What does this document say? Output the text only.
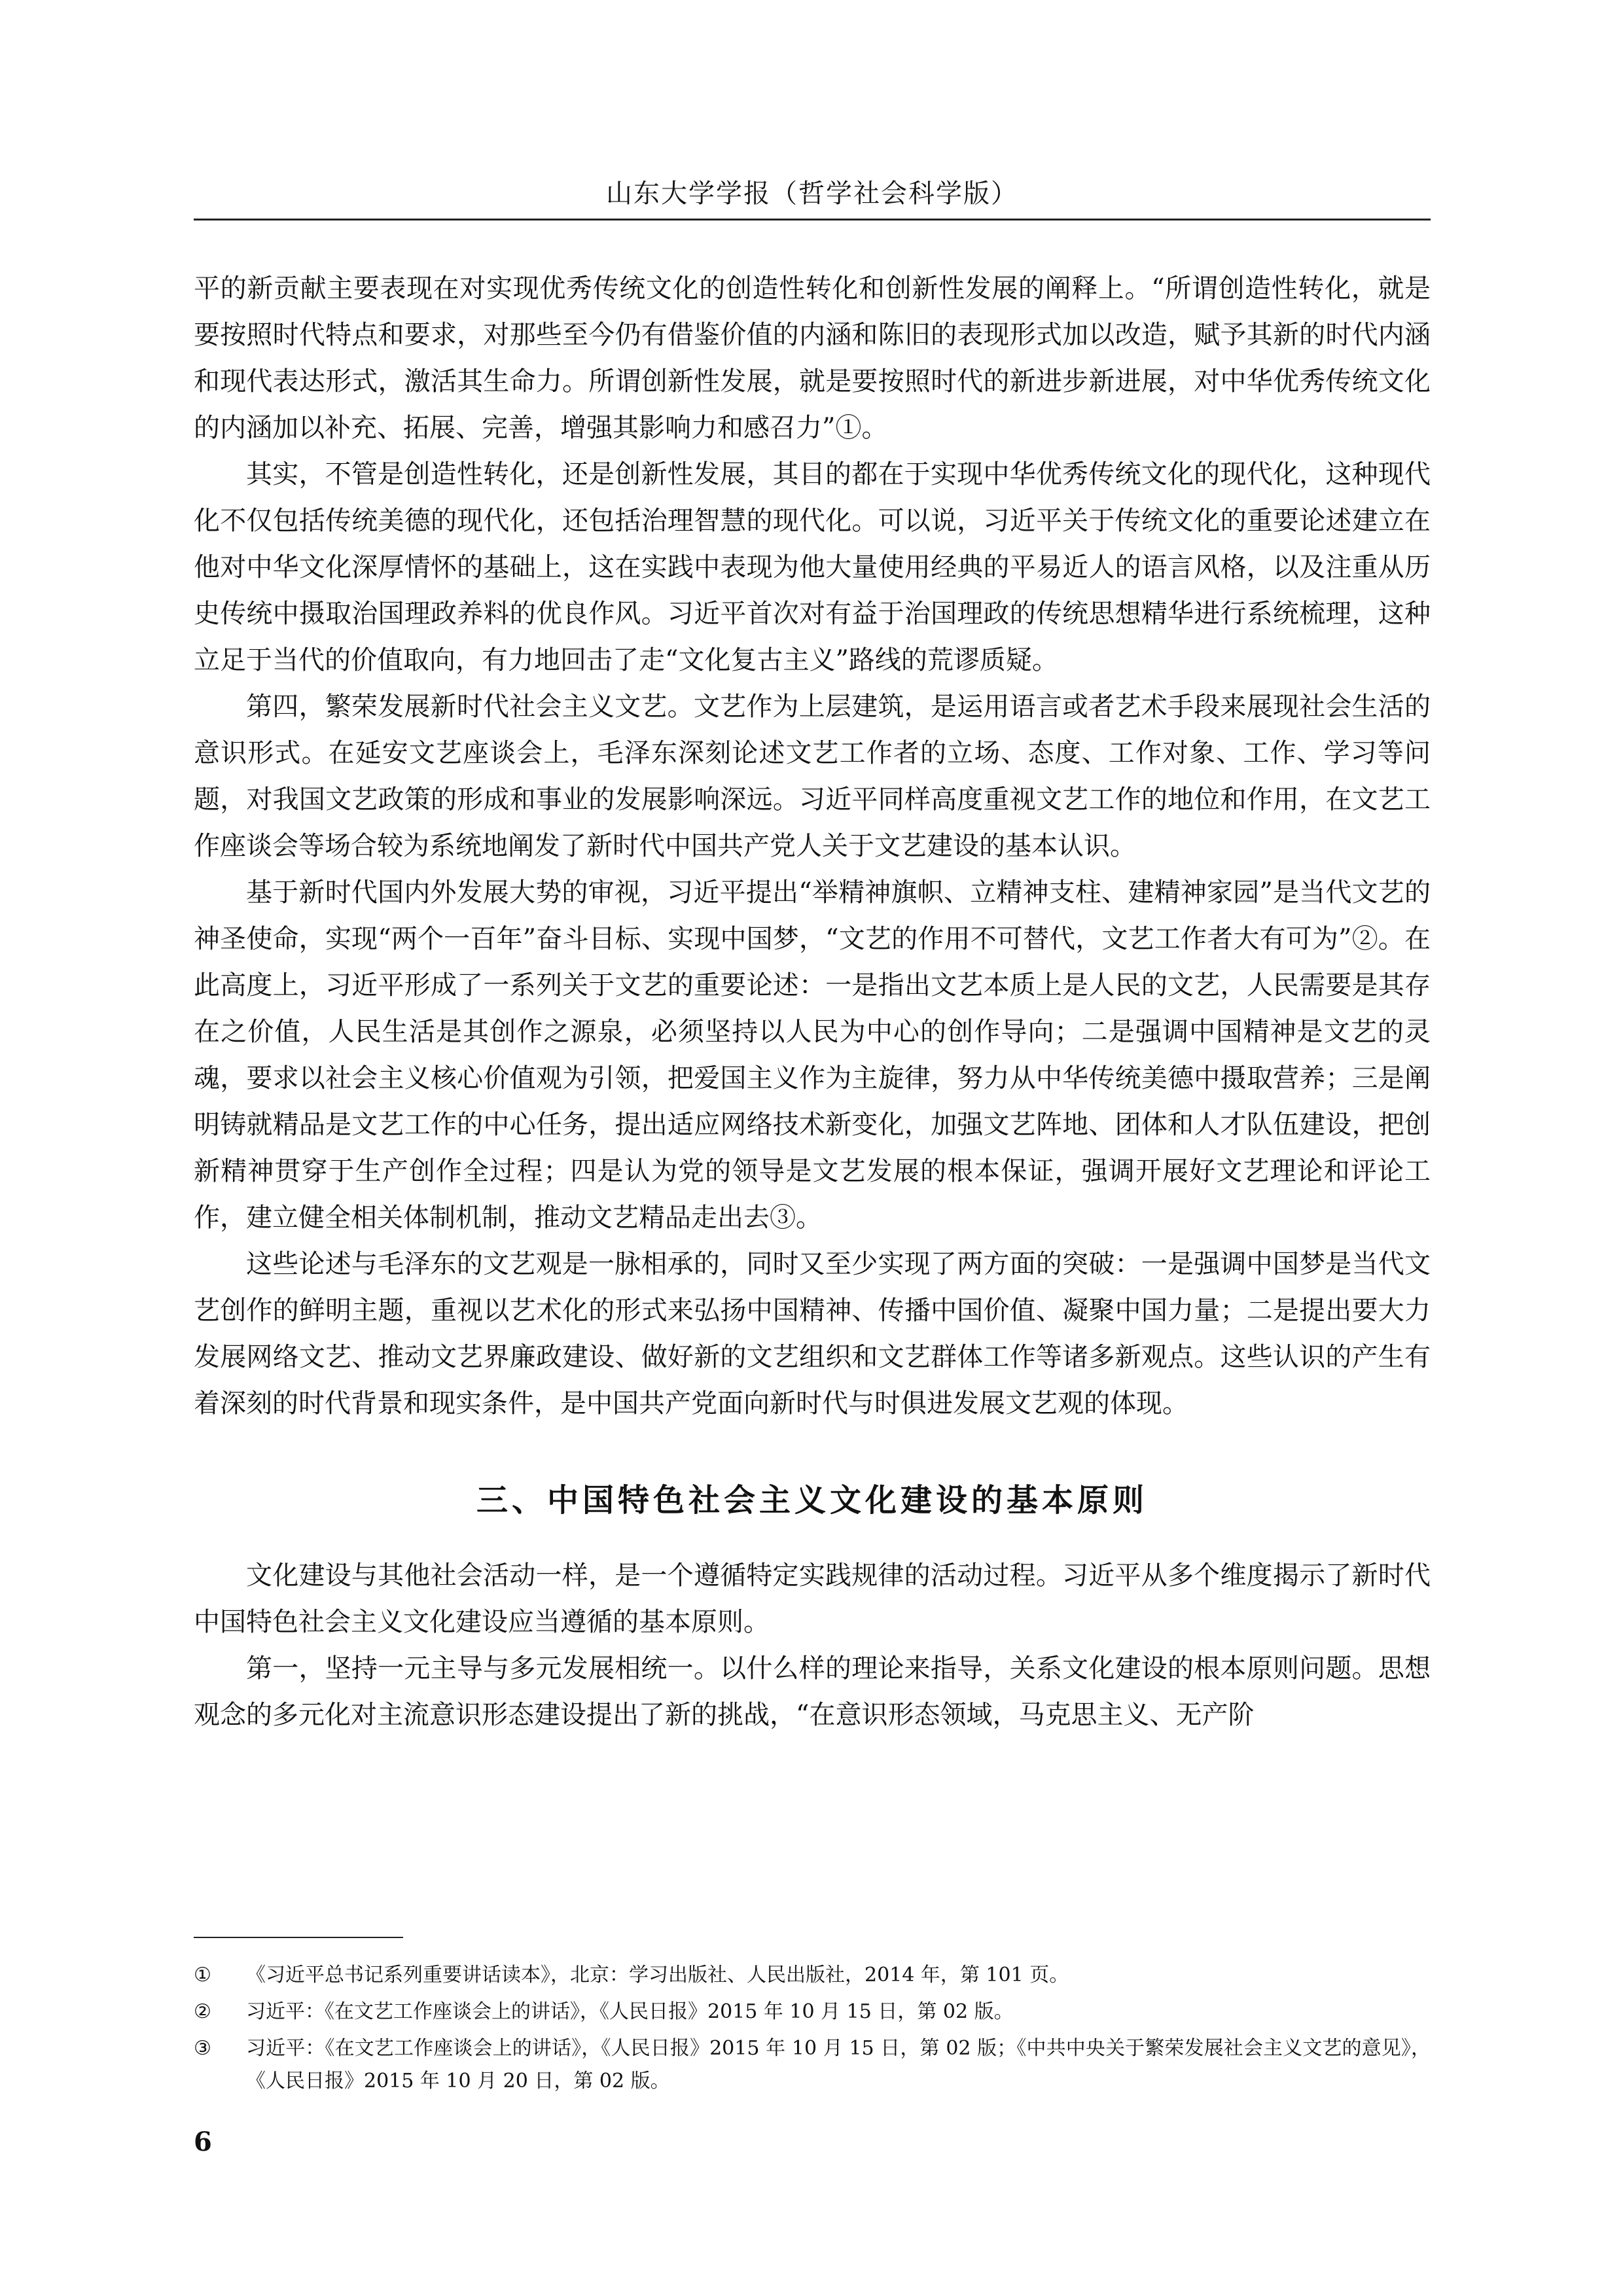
山东大学学报（哲学社会科学版）

平的新贡献主要表现在对实现优秀传统文化的创造性转化和创新性发展的阐释上。“所谓创造性转化，就是要按照时代特点和要求，对那些至今仍有借鉴价值的内涵和陈旧的表现形式加以改造，赋予其新的时代内涵和现代表达形式，激活其生命力。所谓创新性发展，就是要按照时代的新进步新进展，对中华优秀传统文化的内涵加以补充、拓展、完善，增强其影响力和感召力”①。

其实，不管是创造性转化，还是创新性发展，其目的都在于实现中华优秀传统文化的现代化，这种现代化不仅包括传统美德的现代化，还包括治理智慧的现代化。可以说，习近平关于传统文化的重要论述建立在他对中华文化深厚情怀的基础上，这在实践中表现为他大量使用经典的平易近人的语言风格，以及注重从历史传统中摄取治国理政养料的优良作风。习近平首次对有益于治国理政的传统思想精华进行系统梳理，这种立足于当代的价值取向，有力地回击了走“文化复古主义”路线的荒谬质疑。

第四，繁荣发展新时代社会主义文艺。文艺作为上层建筑，是运用语言或者艺术手段来展现社会生活的意识形式。在延安文艺座谈会上，毛泽东深刻论述文艺工作者的立场、态度、工作对象、工作、学习等问题，对我国文艺政策的形成和事业的发展影响深远。习近平同样高度重视文艺工作的地位和作用，在文艺工作座谈会等场合较为系统地阐发了新时代中国共产党人关于文艺建设的基本认识。

基于新时代国内外发展大势的审视，习近平提出“举精神旗帜、立精神支柱、建精神家园”是当代文艺的神圣使命，实现“两个一百年”奋斗目标、实现中国梦，“文艺的作用不可替代，文艺工作者大有可为”②。在此高度上，习近平形成了一系列关于文艺的重要论述：一是指出文艺本质上是人民的文艺，人民需要是其存在之价值，人民生活是其创作之源泉，必须坚持以人民为中心的创作导向；二是强调中国精神是文艺的灵魂，要求以社会主义核心价值观为引领，把爱国主义作为主旋律，努力从中华传统美德中摄取营养；三是阐明铸就精品是文艺工作的中心任务，提出适应网络技术新变化，加强文艺阵地、团体和人才队伍建设，把创新精神贯穿于生产创作全过程；四是认为党的领导是文艺发展的根本保证，强调开展好文艺理论和评论工作，建立健全相关体制机制，推动文艺精品走出去③。

这些论述与毛泽东的文艺观是一脉相承的，同时又至少实现了两方面的突破：一是强调中国梦是当代文艺创作的鲜明主题，重视以艺术化的形式来弘扬中国精神、传播中国价值、凝聚中国力量；二是提出要大力发展网络文艺、推动文艺界廉政建设、做好新的文艺组织和文艺群体工作等诸多新观点。这些认识的产生有着深刻的时代背景和现实条件，是中国共产党面向新时代与时俱进发展文艺观的体现。

三、中国特色社会主义文化建设的基本原则

文化建设与其他社会活动一样，是一个遵循特定实践规律的活动过程。习近平从多个维度揭示了新时代中国特色社会主义文化建设应当遵循的基本原则。

第一，坚持一元主导与多元发展相统一。以什么样的理论来指导，关系文化建设的根本原则问题。思想观念的多元化对主流意识形态建设提出了新的挑战，“在意识形态领域，马克思主义、无产阶

①	《习近平总书记系列重要讲话读本》，北京：学习出版社、人民出版社，2014 年，第 101 页。
②	习近平：《在文艺工作座谈会上的讲话》，《人民日报》2015 年 10 月 15 日，第 02 版。
③	习近平：《在文艺工作座谈会上的讲话》，《人民日报》2015 年 10 月 15 日，第 02 版；《中共中央关于繁荣发展社会主义文艺的意见》，《人民日报》2015 年 10 月 20 日，第 02 版。
6
